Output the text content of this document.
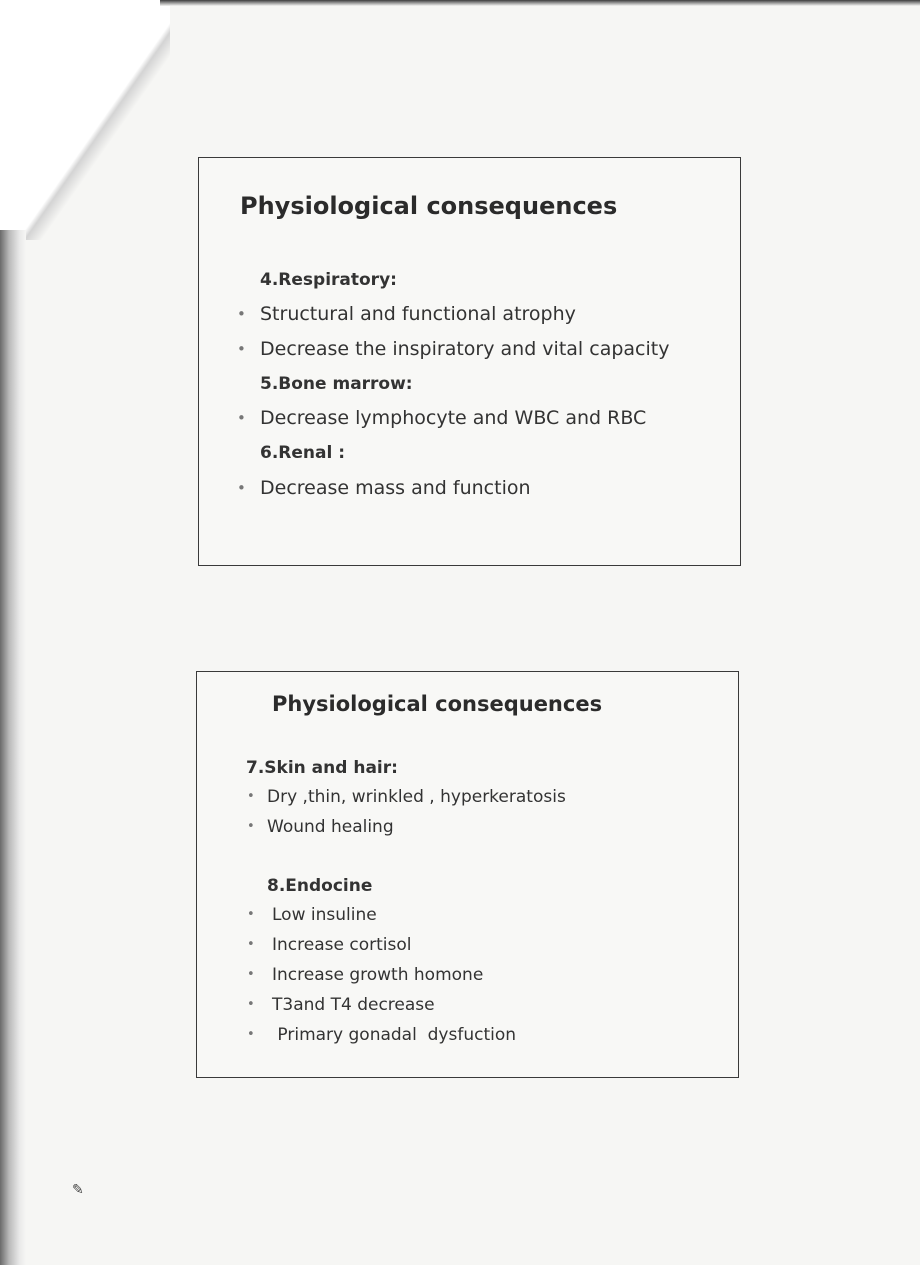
✎
Physiological consequences
4.Respiratory:
• Structural and functional atrophy
• Decrease the inspiratory and vital capacity
5.Bone marrow:
• Decrease lymphocyte and WBC and RBC
6.Renal :
• Decrease mass and function
Physiological consequences
7.Skin and hair:
• Dry ,thin, wrinkled , hyperkeratosis
• Wound healing
8.Endocine
• Low insuline
• Increase cortisol
• Increase growth homone
• T3and T4 decrease
• Primary gonadal  dysfuction
